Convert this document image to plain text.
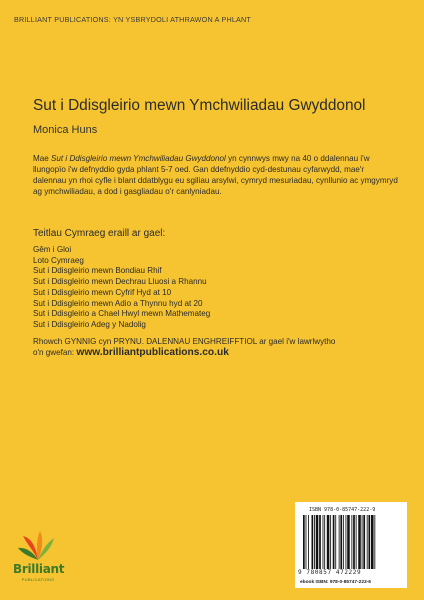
BRILLIANT PUBLICATIONS: YN YSBRYDOLI ATHRAWON A PHLANT
Sut i Ddisgleirio mewn Ymchwiliadau Gwyddonol
Monica Huns

Mae Sut i Ddisgleirio mewn Ymchwiliadau Gwyddonol yn cynnwys mwy na 40 o ddalennau i'w llungopïo i'w defnyddio gyda phlant 5-7 oed. Gan ddefnyddio cyd-destunau cyfarwydd, mae'r dalennau yn rhoi cyfle i blant ddatblygu eu sgiliau arsylwi, cymryd mesuriadau, cynllunio ac ymgymryd ag ymchwiliadau, a dod i gasgliadau o'r canlyniadau.

Teitlau Cymraeg eraill ar gael:
Gêm i Gloi
Loto Cymraeg
Sut i Ddisgleirio mewn Bondiau Rhif
Sut i Ddisgleirio mewn Dechrau Lluosi a Rhannu
Sut i Ddisgleirio mewn Cyfrif Hyd at 10
Sut i Ddisgleirio mewn Adio a Thynnu hyd at 20
Sut i Ddisgleirio a Chael Hwyl mewn Mathemateg
Sut i Ddisgleirio Adeg y Nadolig

Rhowch GYNNIG cyn PRYNU. DALENNAU ENGHREIFFTIOL ar gael i'w lawrlwytho
o'n gwefan: www.brilliantpublications.co.uk

Brilliant
PUBLICATIONS
ISBN 978-0-85747-222-9
9 780857 472229
ebook ISBN: 978-0-85747-223-6
